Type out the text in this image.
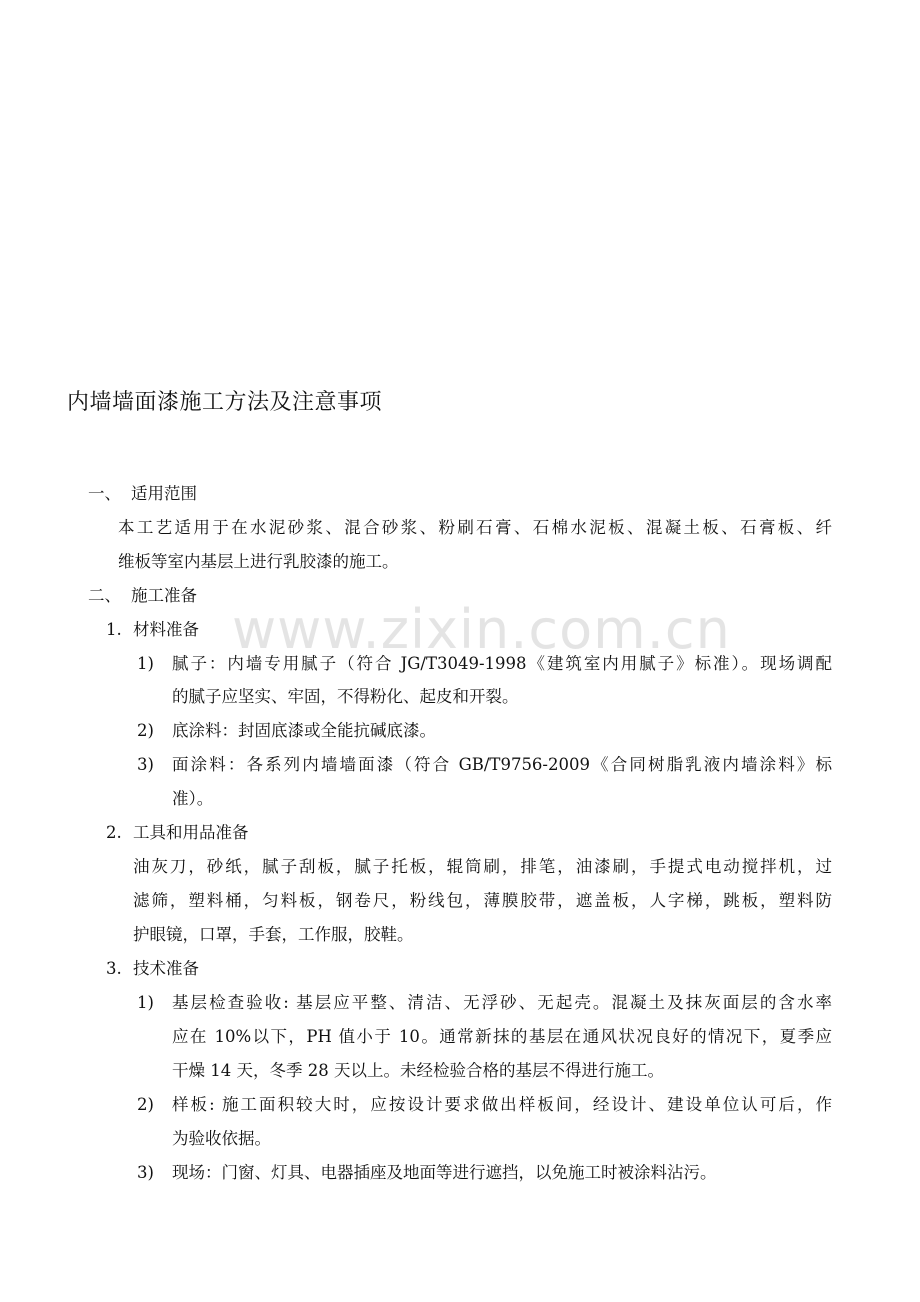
内墙墙面漆施工方法及注意事项
一、 适用范围
本工艺适用于在水泥砂浆、混合砂浆、粉刷石膏、石棉水泥板、混凝土板、石膏板、纤
维板等室内基层上进行乳胶漆的施工。
二、 施工准备
1. 材料准备
1) 腻子：内墙专用腻子（符合 JG/T3049-1998《建筑室内用腻子》标准）。现场调配
的腻子应坚实、牢固，不得粉化、起皮和开裂。
2) 底涂料：封固底漆或全能抗碱底漆。
3) 面涂料：各系列内墙墙面漆（符合 GB/T9756-2009《合同树脂乳液内墙涂料》标
准）。
2. 工具和用品准备
油灰刀，砂纸，腻子刮板，腻子托板，辊筒刷，排笔，油漆刷，手提式电动搅拌机，过
滤筛，塑料桶，匀料板，钢卷尺，粉线包，薄膜胶带，遮盖板，人字梯，跳板，塑料防
护眼镜，口罩，手套，工作服，胶鞋。
3. 技术准备
1) 基层检查验收: 基层应平整、清洁、无浮砂、无起壳。混凝土及抹灰面层的含水率
应在 10%以下，PH 值小于 10。通常新抹的基层在通风状况良好的情况下，夏季应
干燥 14 天，冬季 28 天以上。未经检验合格的基层不得进行施工。
2) 样板: 施工面积较大时，应按设计要求做出样板间，经设计、建设单位认可后，作
为验收依据。
3) 现场：门窗、灯具、电器插座及地面等进行遮挡，以免施工时被涂料沾污。
www.zixin.com.cn
